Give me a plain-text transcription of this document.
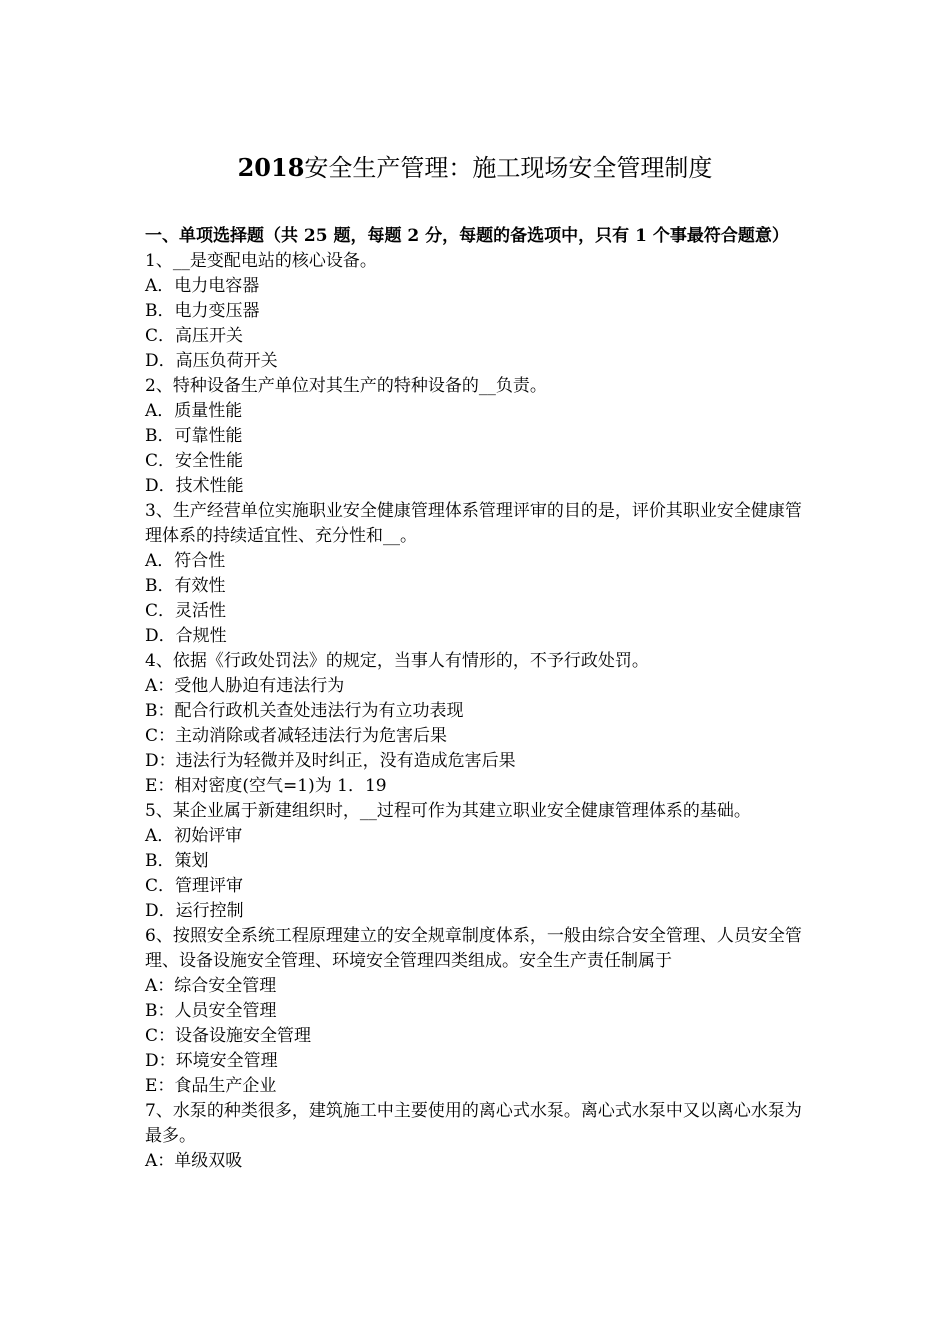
2018安全生产管理：施工现场安全管理制度

一、单项选择题（共 25 题，每题 2 分，每题的备选项中，只有 1 个事最符合题意）

1、__是变配电站的核心设备。

A．电力电容器

B．电力变压器

C．高压开关

D．高压负荷开关

2、特种设备生产单位对其生产的特种设备的__负责。

A．质量性能

B．可靠性能

C．安全性能

D．技术性能

3、生产经营单位实施职业安全健康管理体系管理评审的目的是，评价其职业安全健康管理体系的持续适宜性、充分性和__。

A．符合性

B．有效性

C．灵活性

D．合规性

4、依据《行政处罚法》的规定，当事人有情形的，不予行政处罚。

A：受他人胁迫有违法行为

B：配合行政机关查处违法行为有立功表现

C：主动消除或者减轻违法行为危害后果

D：违法行为轻微并及时纠正，没有造成危害后果

E：相对密度(空气=1)为 1．19

5、某企业属于新建组织时，__过程可作为其建立职业安全健康管理体系的基础。

A．初始评审

B．策划

C．管理评审

D．运行控制

6、按照安全系统工程原理建立的安全规章制度体系，一般由综合安全管理、人员安全管理、设备设施安全管理、环境安全管理四类组成。安全生产责任制属于

A：综合安全管理

B：人员安全管理

C：设备设施安全管理

D：环境安全管理

E：食品生产企业

7、水泵的种类很多，建筑施工中主要使用的离心式水泵。离心式水泵中又以离心水泵为最多。

A：单级双吸
